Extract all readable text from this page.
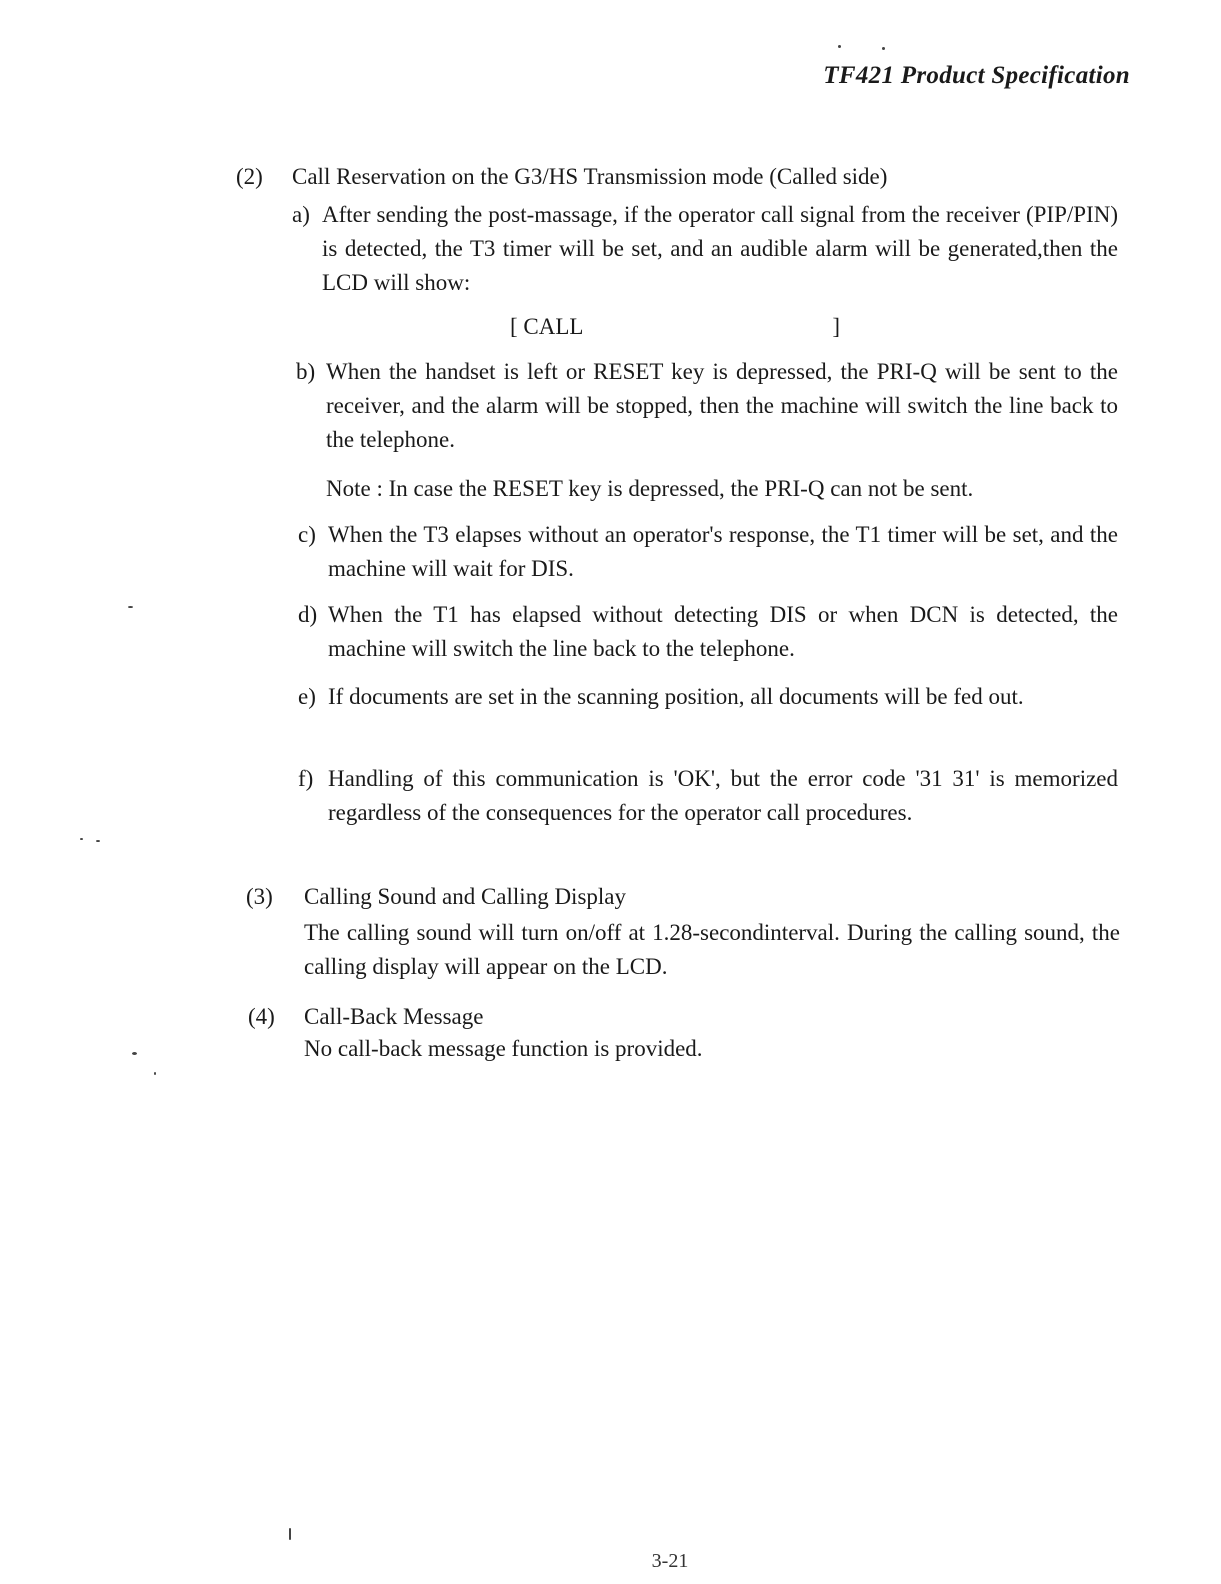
TF421 Product Specification
(2)	Call Reservation on the G3/HS Transmission mode (Called side)
a) After sending the post-massage, if the operator call signal from the receiver (PIP/PIN) is detected, the T3 timer will be set, and an audible alarm will be generated,then the LCD will show:
[ CALL	]
b) When the handset is left or RESET key is depressed, the PRI-Q will be sent to the receiver, and the alarm will be stopped, then the machine will switch the line back to the telephone.
Note : In case the RESET key is depressed, the PRI-Q can not be sent.
c) When the T3 elapses without an operator's response, the T1 timer will be set, and the machine will wait for DIS.
d) When the T1 has elapsed without detecting DIS or when DCN is detected, the machine will switch the line back to the telephone.
e) If documents are set in the scanning position, all documents will be fed out.
f) Handling of this communication is 'OK', but the error code '31 31' is memorized regardless of the consequences for the operator call procedures.
(3)	Calling Sound and Calling Display
The calling sound will turn on/off at 1.28-secondinterval. During the calling sound, the calling display will appear on the LCD.
(4)	Call-Back Message
No call-back message function is provided.
3-21
